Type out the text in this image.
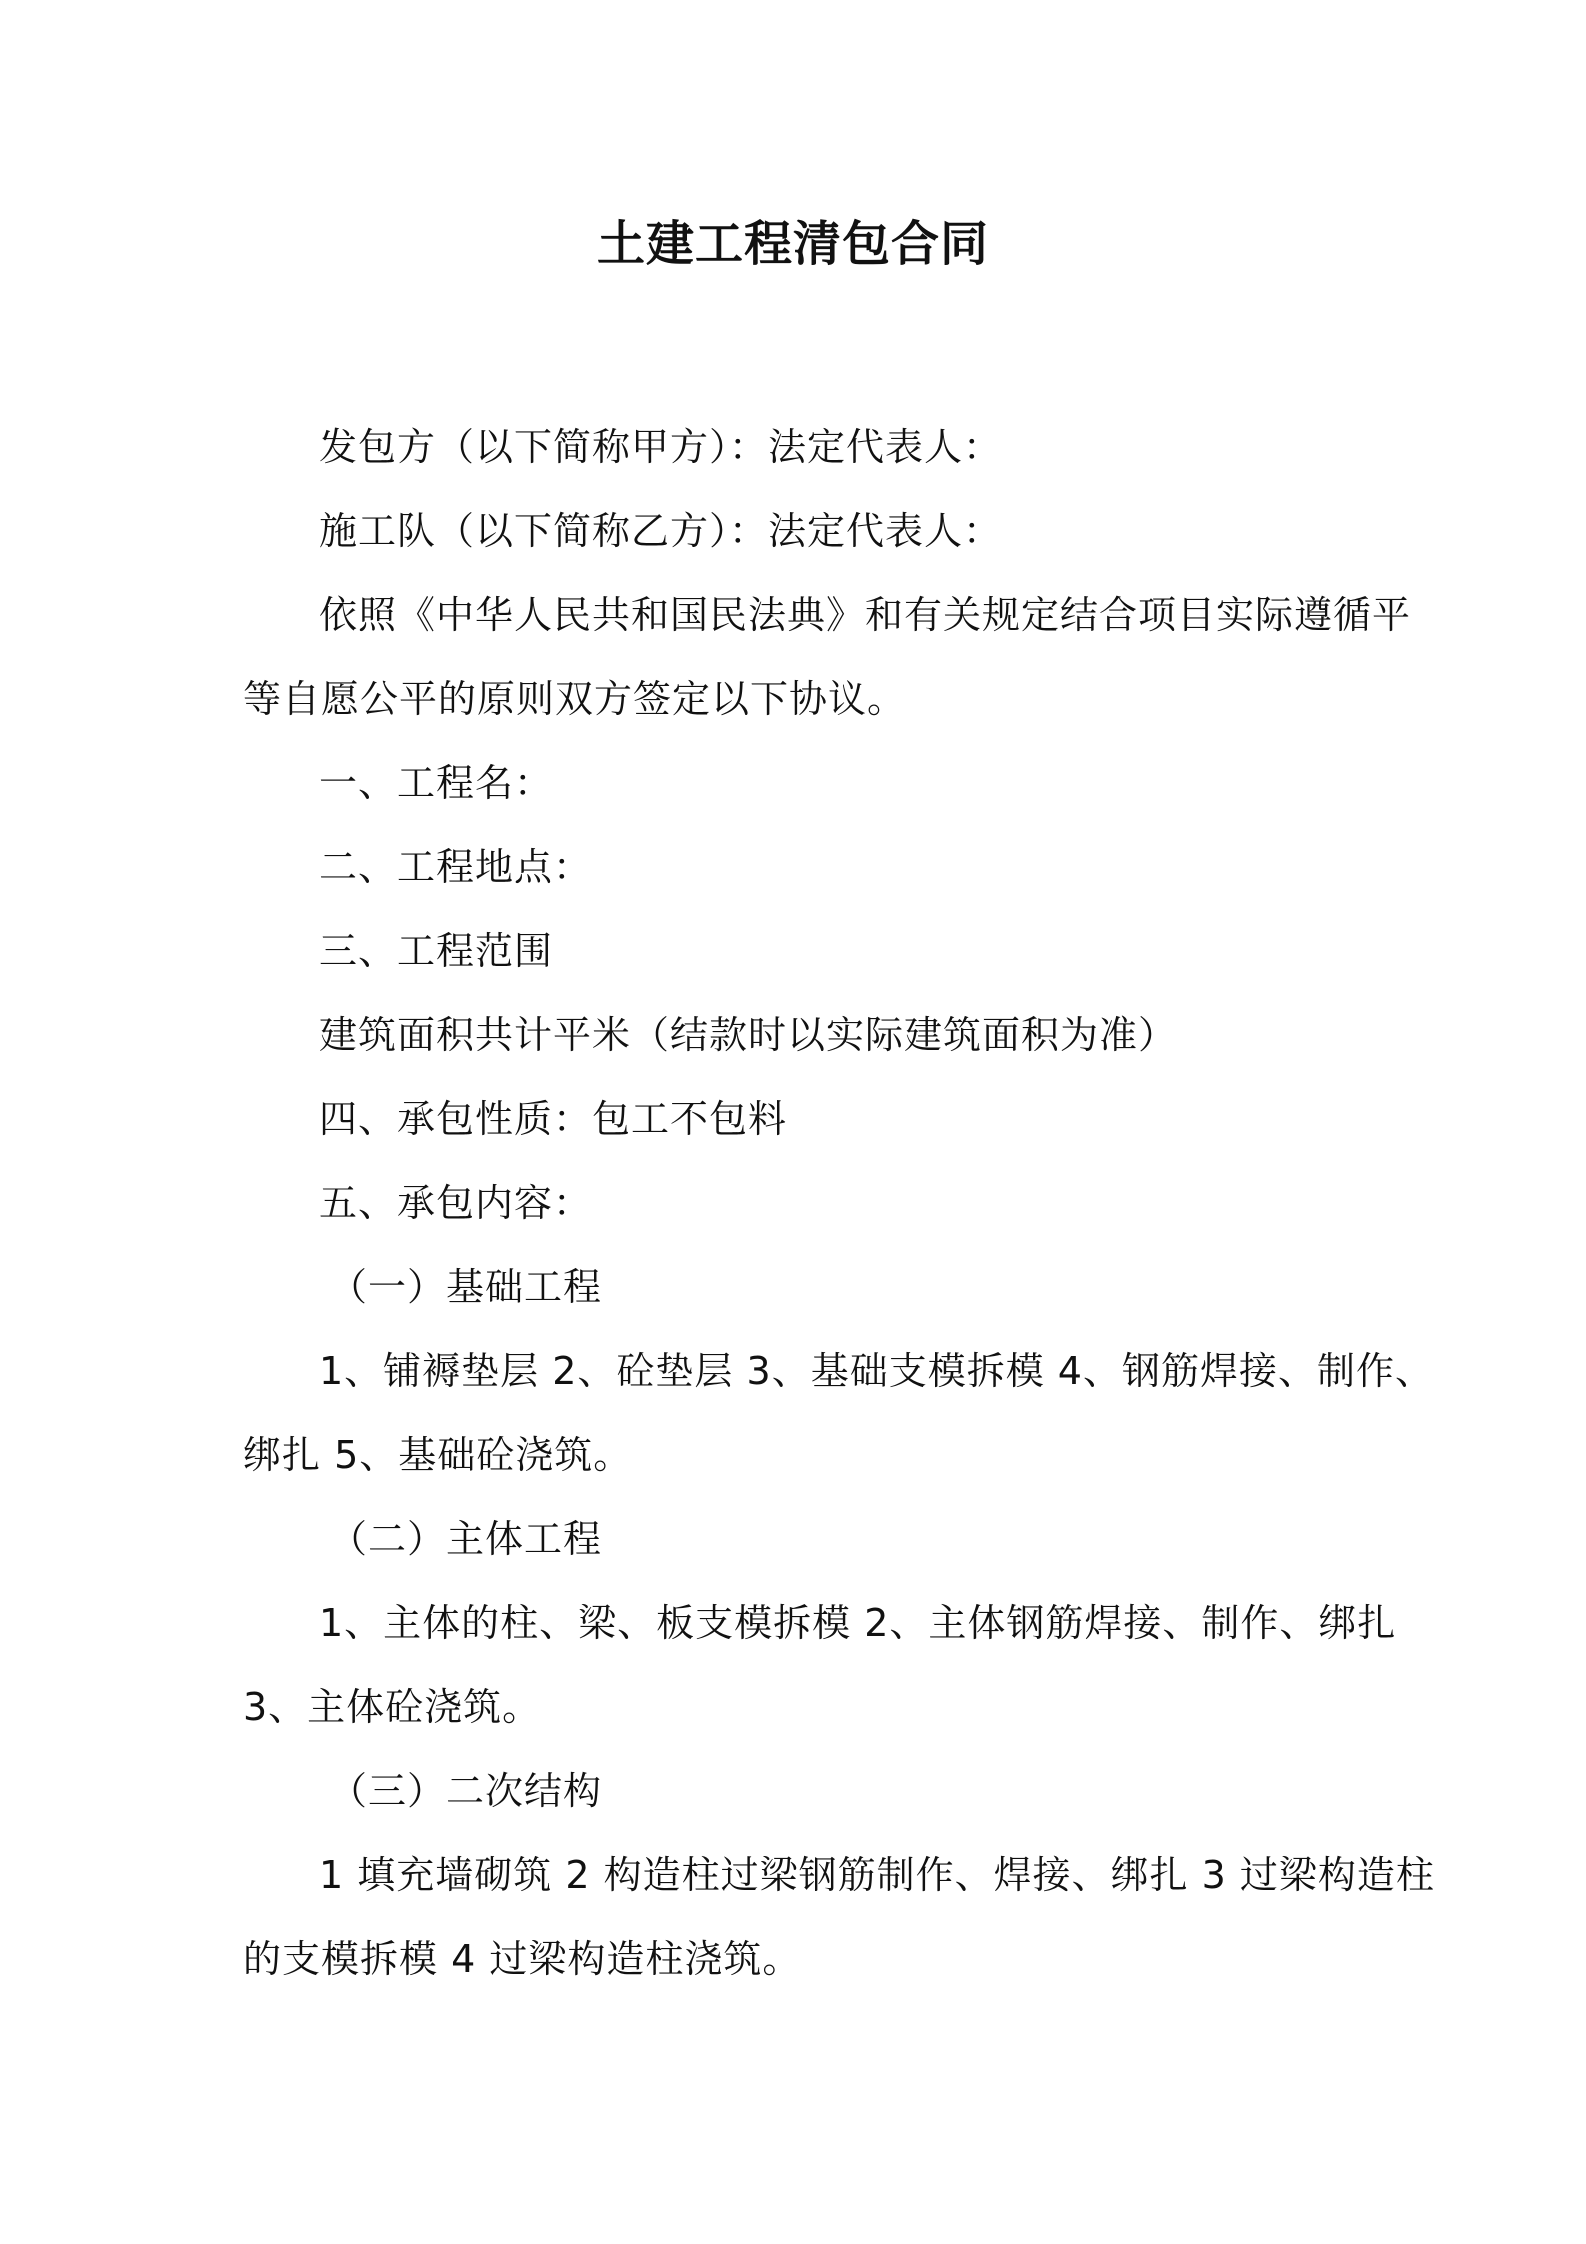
土建工程清包合同

发包方（以下简称甲方）：法定代表人：

施工队（以下简称乙方）：法定代表人：

依照《中华人民共和国民法典》和有关规定结合项目实际遵循平

等自愿公平的原则双方签定以下协议。

一、工程名：

二、工程地点：

三、工程范围

建筑面积共计平米（结款时以实际建筑面积为准）

四、承包性质：包工不包料

五、承包内容：

（一）基础工程

1、铺褥垫层 2、砼垫层 3、基础支模拆模 4、钢筋焊接、制作、

绑扎 5、基础砼浇筑。

（二）主体工程

1、主体的柱、梁、板支模拆模 2、主体钢筋焊接、制作、绑扎

3、主体砼浇筑。

（三）二次结构

1 填充墙砌筑 2 构造柱过梁钢筋制作、焊接、绑扎 3 过梁构造柱

的支模拆模 4 过梁构造柱浇筑。
